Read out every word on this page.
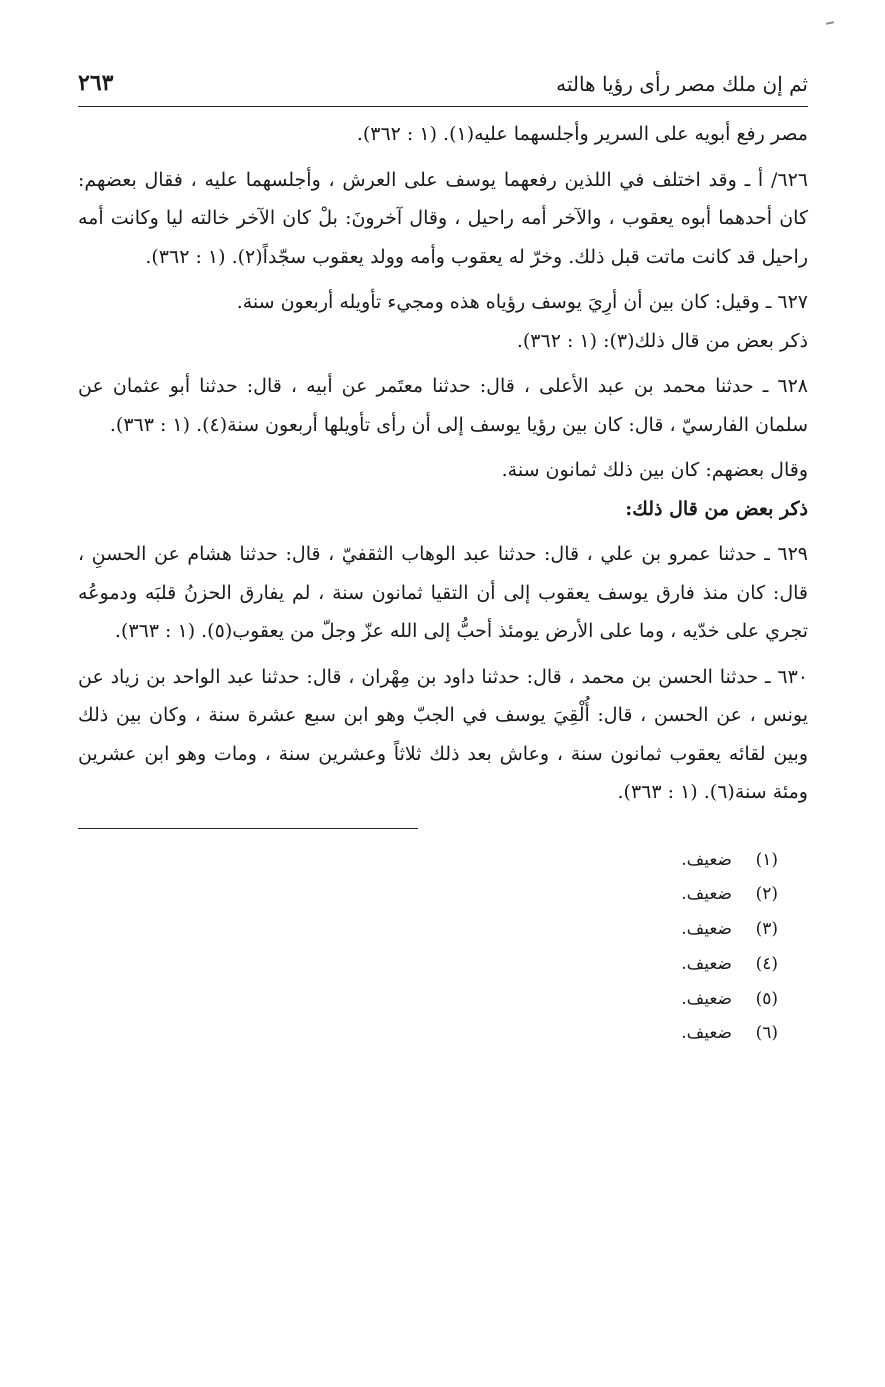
ثم إن ملك مصر رأى رؤيا هالته
٢٦٣

مصر رفع أبويه على السرير وأجلسهما عليه(١). (١ : ٣٦٢).

٦٢٦/ أ ـ وقد اختلف في اللذين رفعهما يوسف على العرش ، وأجلسهما عليه ، فقال بعضهم: كان أحدهما أبوه يعقوب ، والآخر أمه راحيل ، وقال آخرونَ: بلْ كان الآخر خالته ليا وكانت أمه راحيل قد كانت ماتت قبل ذلك. وخرّ له يعقوب وأمه وولد يعقوب سجّداً(٢). (١ : ٣٦٢).

٦٢٧ ـ وقيل: كان بين أن أرِيَ يوسف رؤياه هذه ومجيء تأويله أربعون سنة.

ذكر بعض من قال ذلك(٣): (١ : ٣٦٢).

٦٢٨ ـ حدثنا محمد بن عبد الأعلى ، قال: حدثنا معتَمر عن أبيه ، قال: حدثنا أبو عثمان عن سلمان الفارسيّ ، قال: كان بين رؤيا يوسف إلى أن رأى تأويلها أربعون سنة(٤). (١ : ٣٦٣).

وقال بعضهم: كان بين ذلك ثمانون سنة.

ذكر بعض من قال ذلك:

٦٢٩ ـ حدثنا عمرو بن علي ، قال: حدثنا عبد الوهاب الثقفيّ ، قال: حدثنا هشام عن الحسنِ ، قال: كان منذ فارق يوسف يعقوب إلى أن التقيا ثمانون سنة ، لم يفارق الحزنُ قلبَه ودموعُه تجري على خدّيه ، وما على الأرض يومئذ أحبُّ إلى الله عزّ وجلّ من يعقوب(٥). (١ : ٣٦٣).

٦٣٠ ـ حدثنا الحسن بن محمد ، قال: حدثنا داود بن مِهْران ، قال: حدثنا عبد الواحد بن زياد عن يونس ، عن الحسن ، قال: أُلْقِيَ يوسف في الجبّ وهو ابن سبع عشرة سنة ، وكان بين ذلك وبين لقائه يعقوب ثمانون سنة ، وعاش بعد ذلك ثلاثاً وعشرين سنة ، ومات وهو ابن عشرين ومئة سنة(٦). (١ : ٣٦٣).

(١)ضعيف.
(٢)ضعيف.
(٣)ضعيف.
(٤)ضعيف.
(٥)ضعيف.
(٦)ضعيف.
